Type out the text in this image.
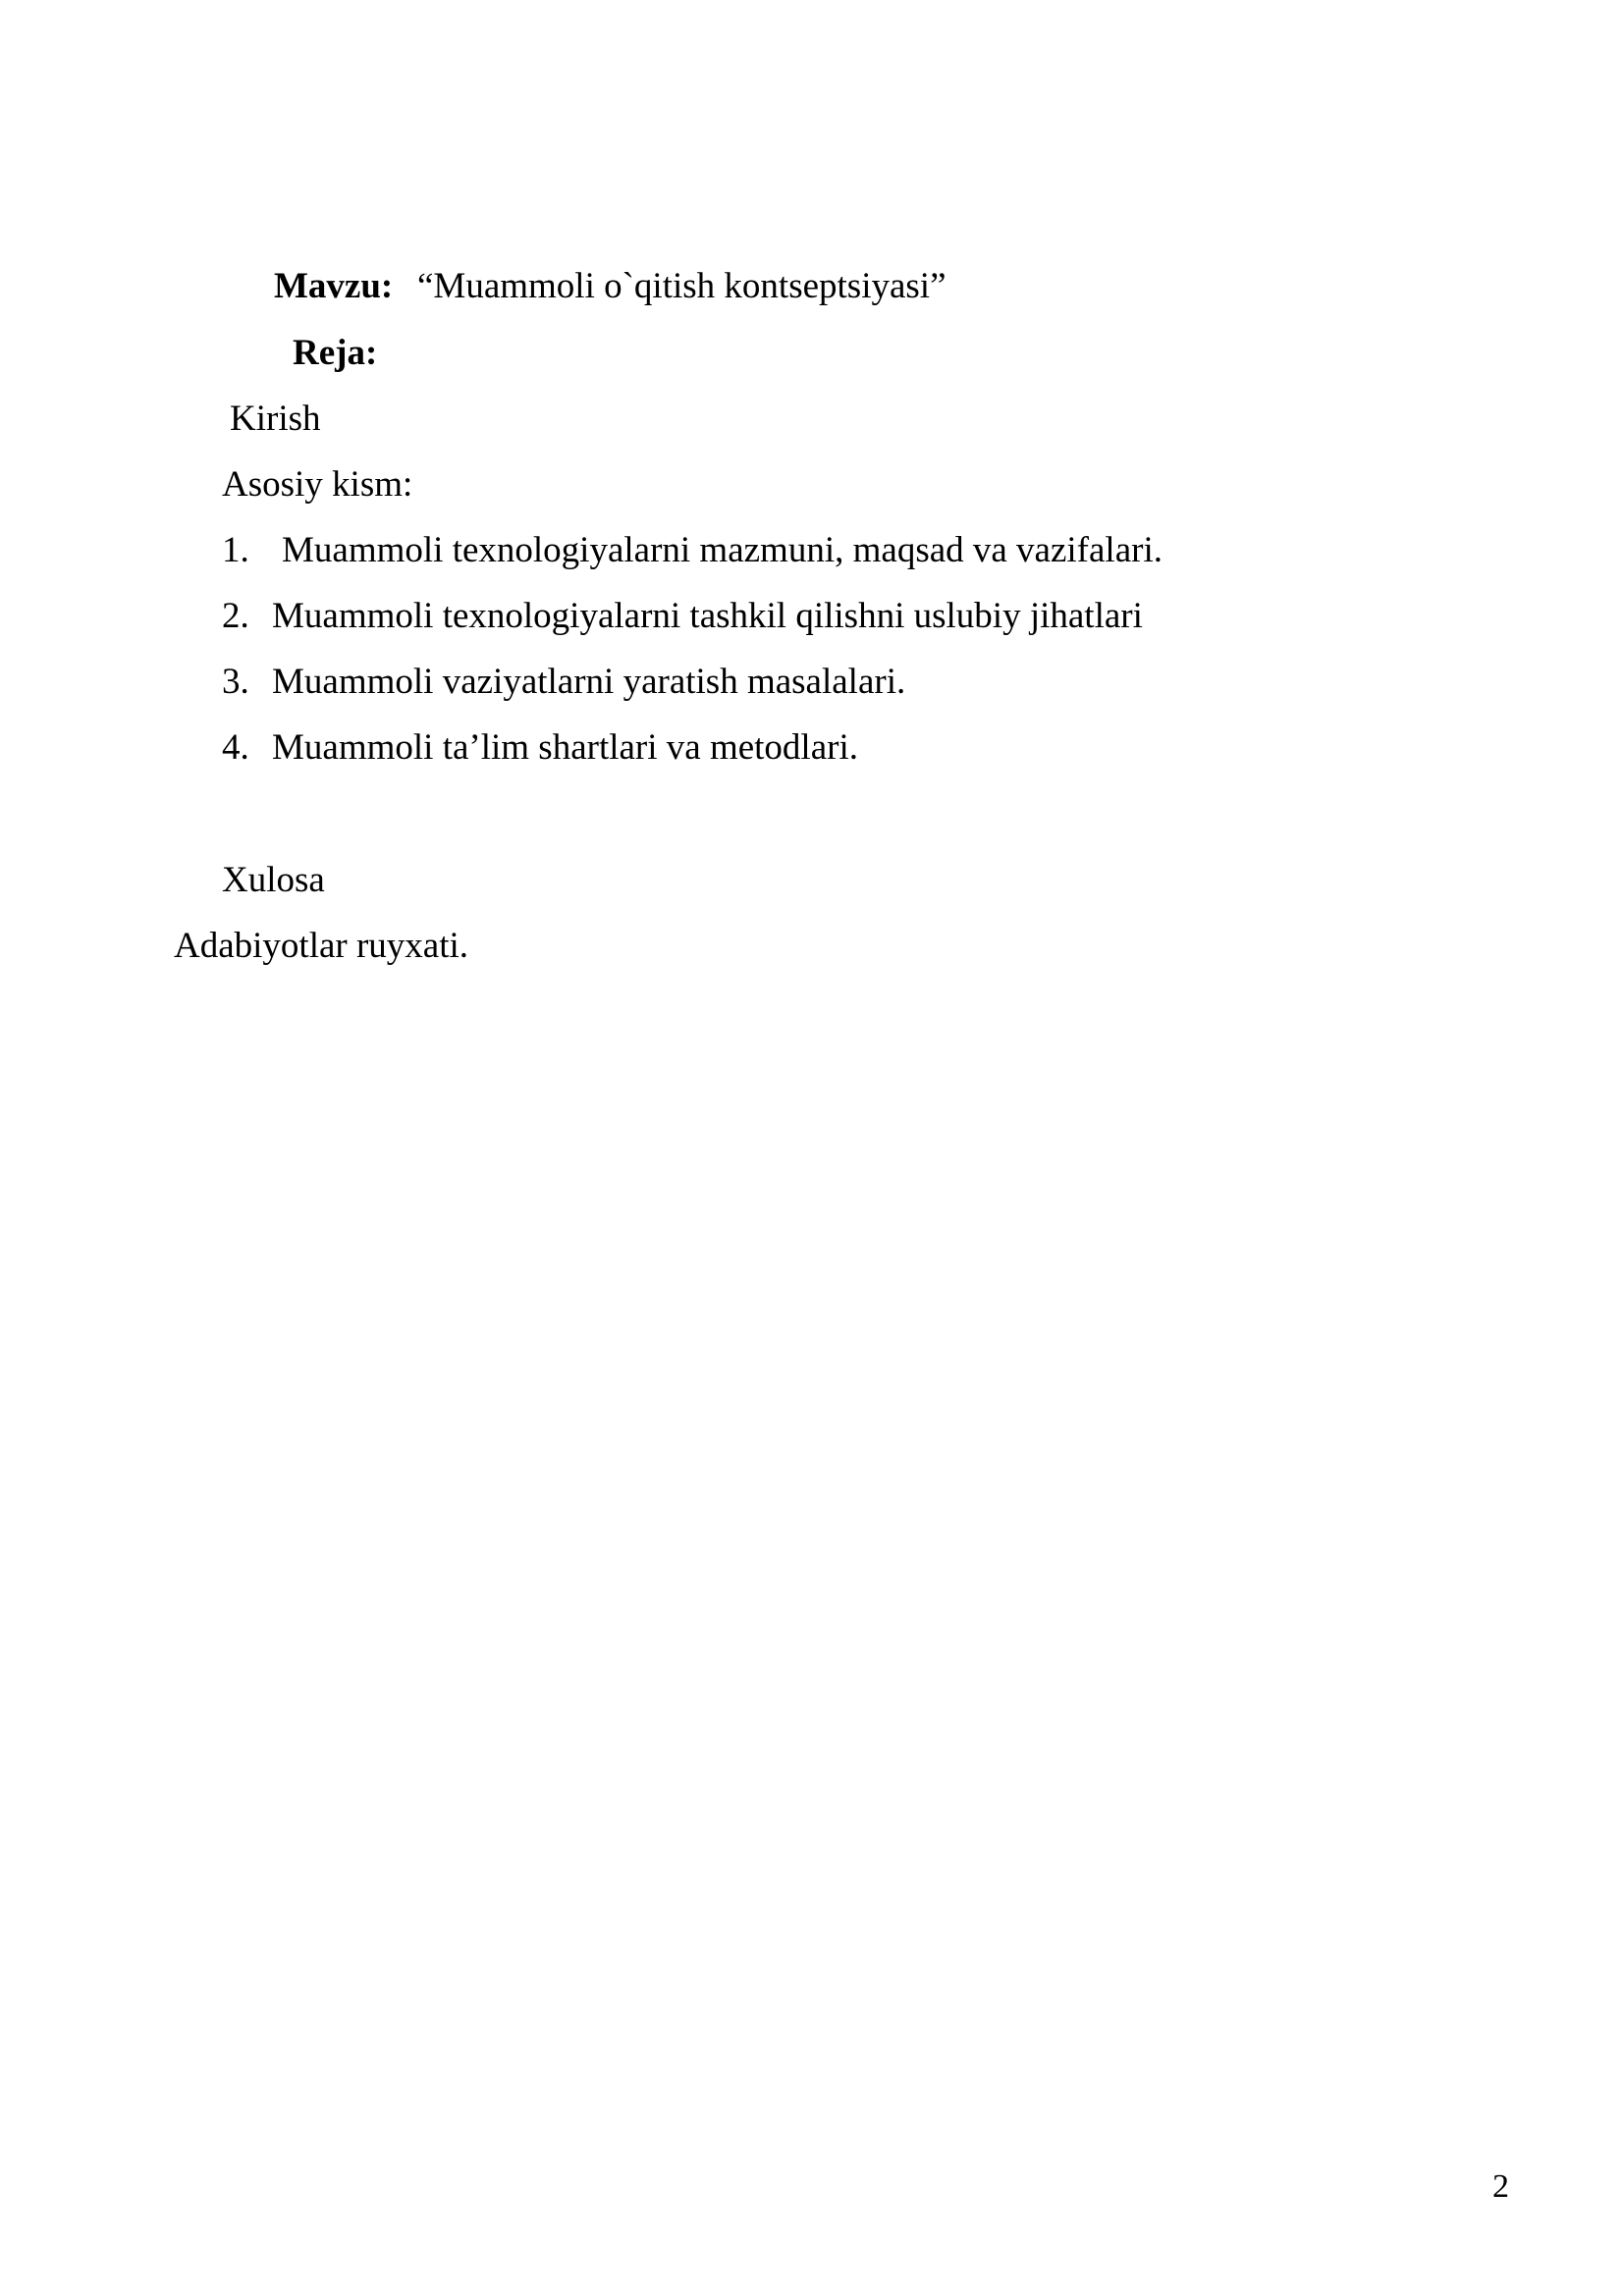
Mavzu: “Muammoli o`qitish kontseptsiyasi”
Reja:
Kirish
Asosiy kism:
1. Muammoli texnologiyalarni mazmuni, maqsad va vazifalari.
2. Muammoli texnologiyalarni tashkil qilishni uslubiy jihatlari
3. Muammoli vaziyatlarni yaratish masalalari.
4. Muammoli ta’lim shartlari va metodlari.
Xulosa
Adabiyotlar ruyxati.
2
